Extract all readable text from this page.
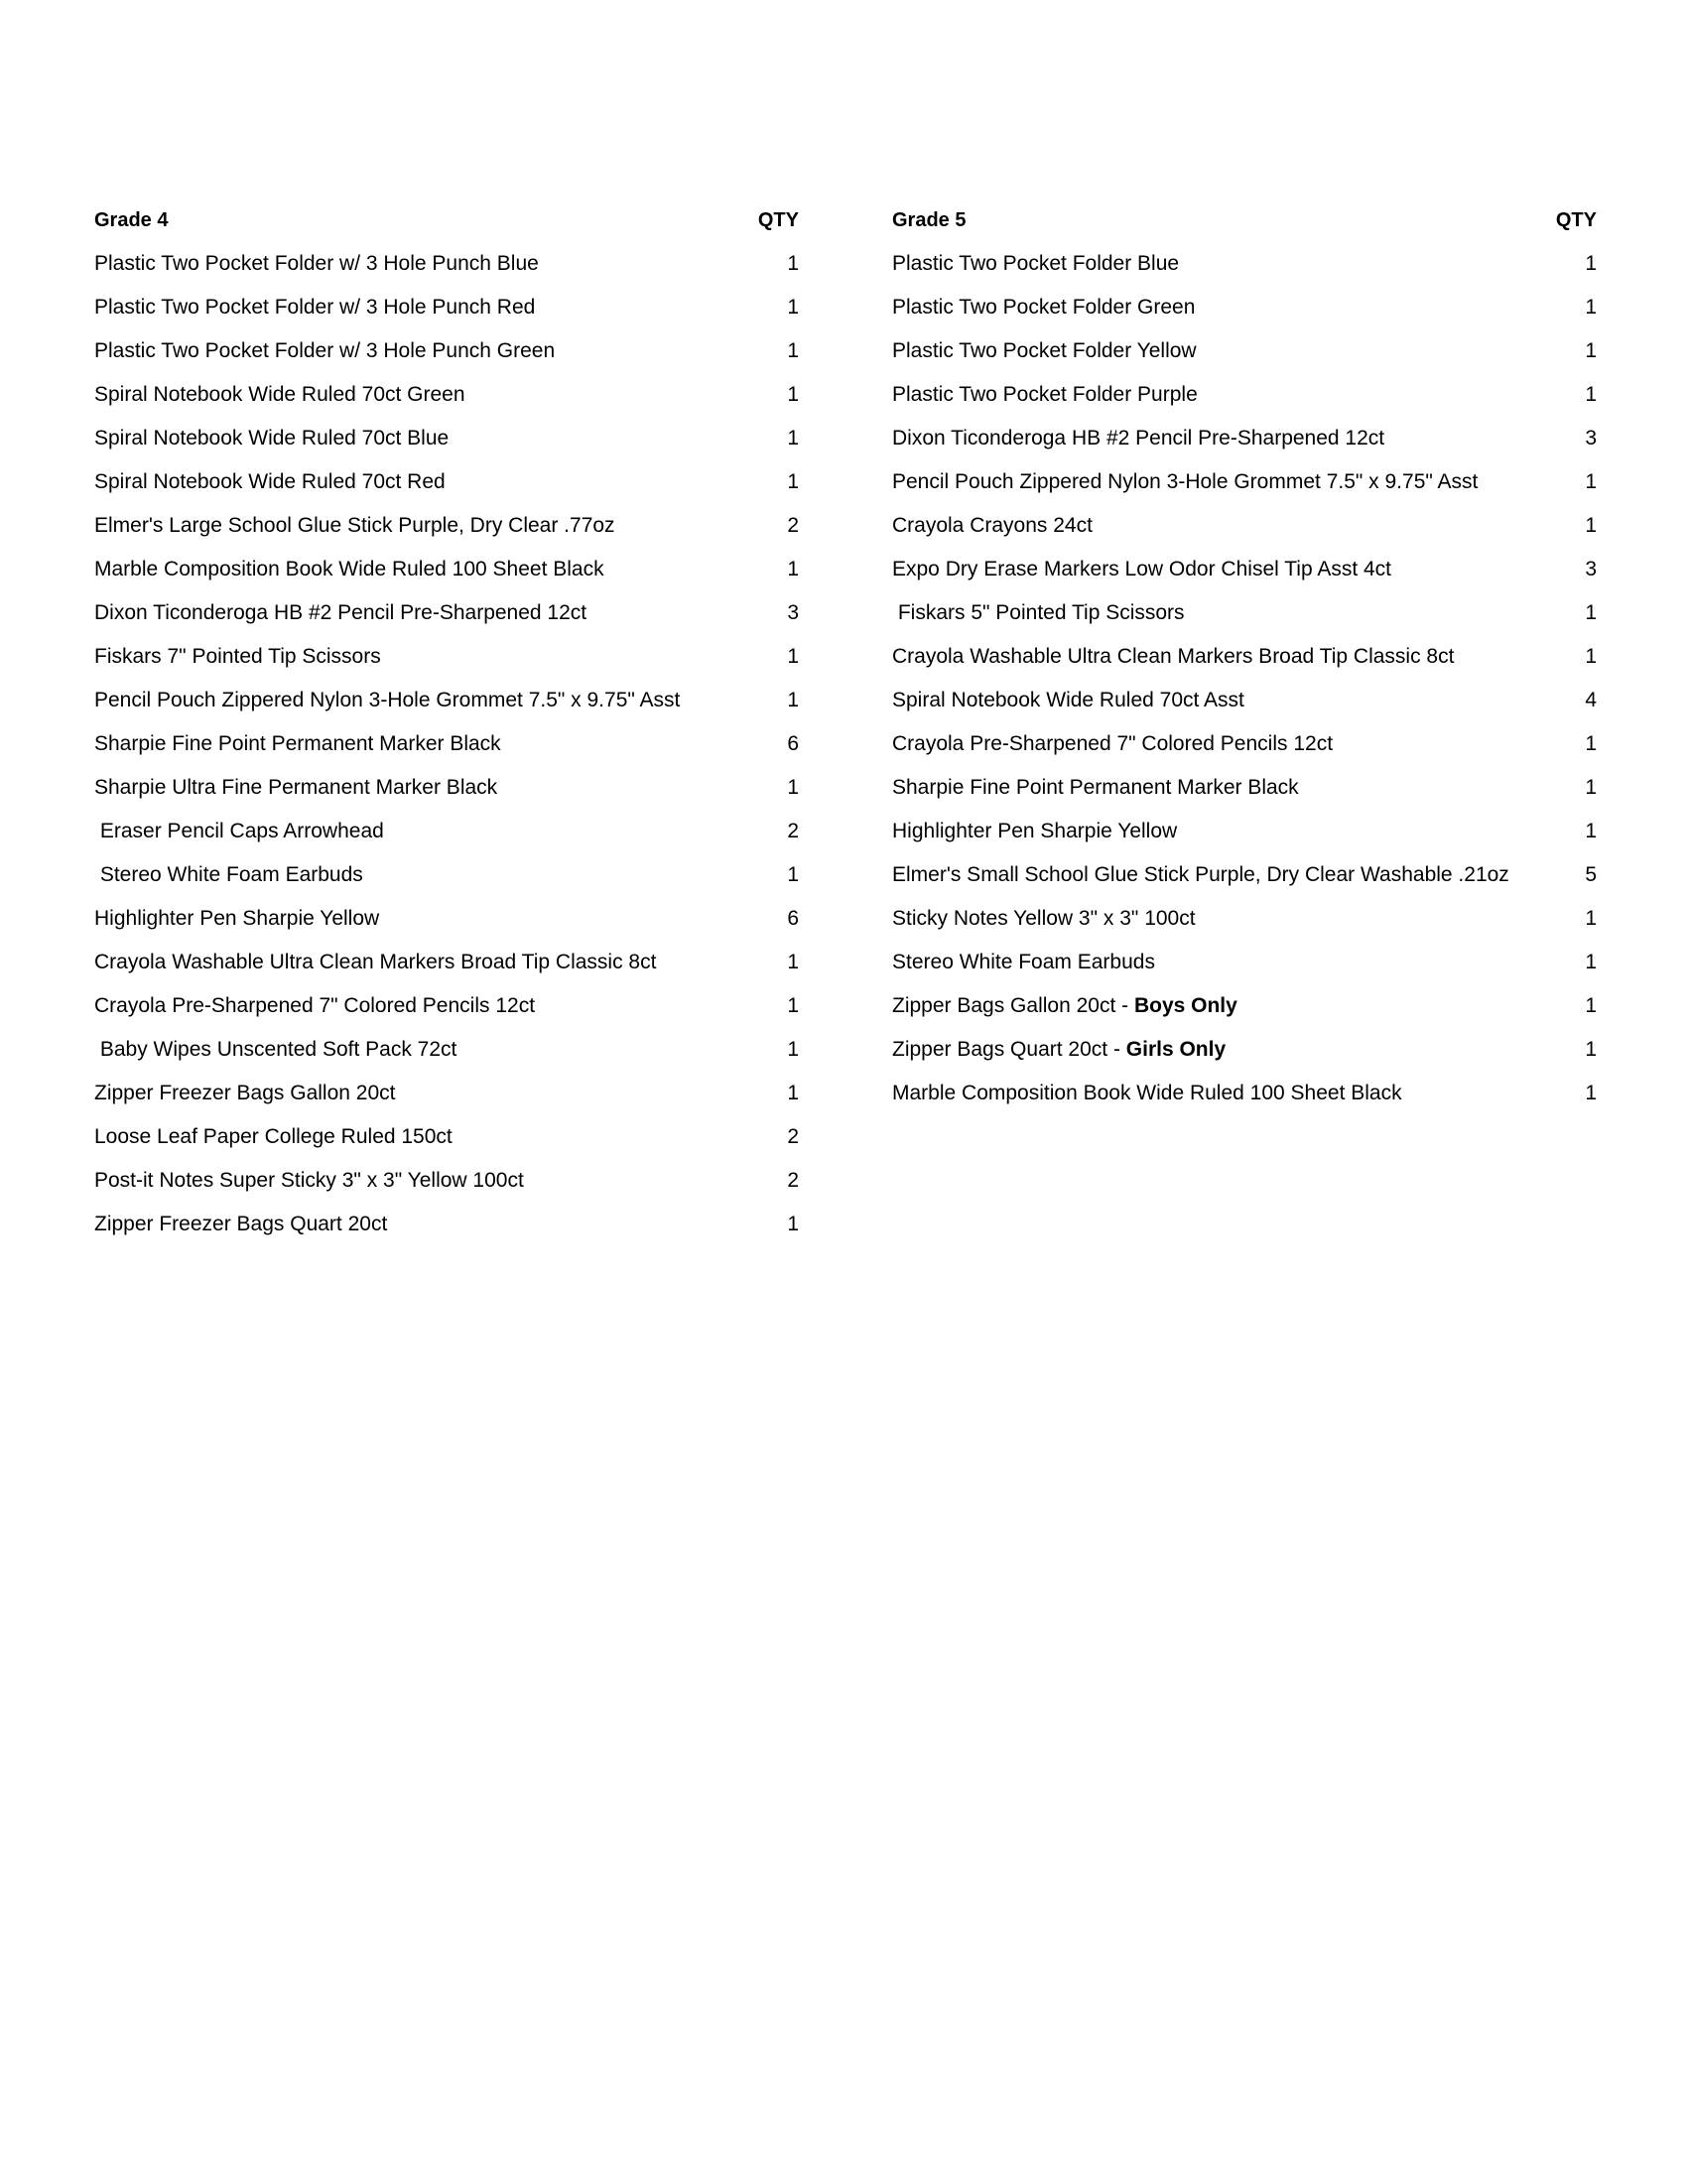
Grade 4	QTY
Plastic Two Pocket Folder w/ 3 Hole Punch Blue	1
Plastic Two Pocket Folder w/ 3 Hole Punch Red	1
Plastic Two Pocket Folder w/ 3 Hole Punch Green	1
Spiral Notebook Wide Ruled 70ct Green	1
Spiral Notebook Wide Ruled 70ct Blue	1
Spiral Notebook Wide Ruled 70ct Red	1
Elmer's Large School Glue Stick Purple, Dry Clear .77oz	2
Marble Composition Book Wide Ruled 100 Sheet Black	1
Dixon Ticonderoga HB #2 Pencil Pre-Sharpened 12ct	3
Fiskars 7" Pointed Tip Scissors	1
Pencil Pouch Zippered Nylon 3-Hole Grommet 7.5" x 9.75" Asst	1
Sharpie Fine Point Permanent Marker Black	6
Sharpie Ultra Fine Permanent Marker Black	1
Eraser Pencil Caps Arrowhead	2
Stereo White Foam Earbuds	1
Highlighter Pen Sharpie Yellow	6
Crayola Washable Ultra Clean Markers Broad Tip Classic 8ct	1
Crayola Pre-Sharpened 7" Colored Pencils 12ct	1
Baby Wipes Unscented Soft Pack 72ct	1
Zipper Freezer Bags Gallon 20ct	1
Loose Leaf Paper College Ruled 150ct	2
Post-it Notes Super Sticky 3" x 3" Yellow 100ct	2
Zipper Freezer Bags Quart 20ct	1
Grade 5	QTY
Plastic Two Pocket Folder Blue	1
Plastic Two Pocket Folder Green	1
Plastic Two Pocket Folder Yellow	1
Plastic Two Pocket Folder Purple	1
Dixon Ticonderoga HB #2 Pencil Pre-Sharpened 12ct	3
Pencil Pouch Zippered Nylon 3-Hole Grommet 7.5" x 9.75" Asst	1
Crayola Crayons 24ct	1
Expo Dry Erase Markers Low Odor Chisel Tip Asst 4ct	3
Fiskars 5" Pointed Tip Scissors	1
Crayola Washable Ultra Clean Markers Broad Tip Classic 8ct	1
Spiral Notebook Wide Ruled 70ct Asst	4
Crayola Pre-Sharpened 7" Colored Pencils 12ct	1
Sharpie Fine Point Permanent Marker Black	1
Highlighter Pen Sharpie Yellow	1
Elmer's Small School Glue Stick Purple, Dry Clear Washable .21oz	5
Sticky Notes Yellow 3" x 3" 100ct	1
Stereo White Foam Earbuds	1
Zipper Bags Gallon 20ct - Boys Only	1
Zipper Bags Quart 20ct - Girls Only	1
Marble Composition Book Wide Ruled 100 Sheet Black	1
